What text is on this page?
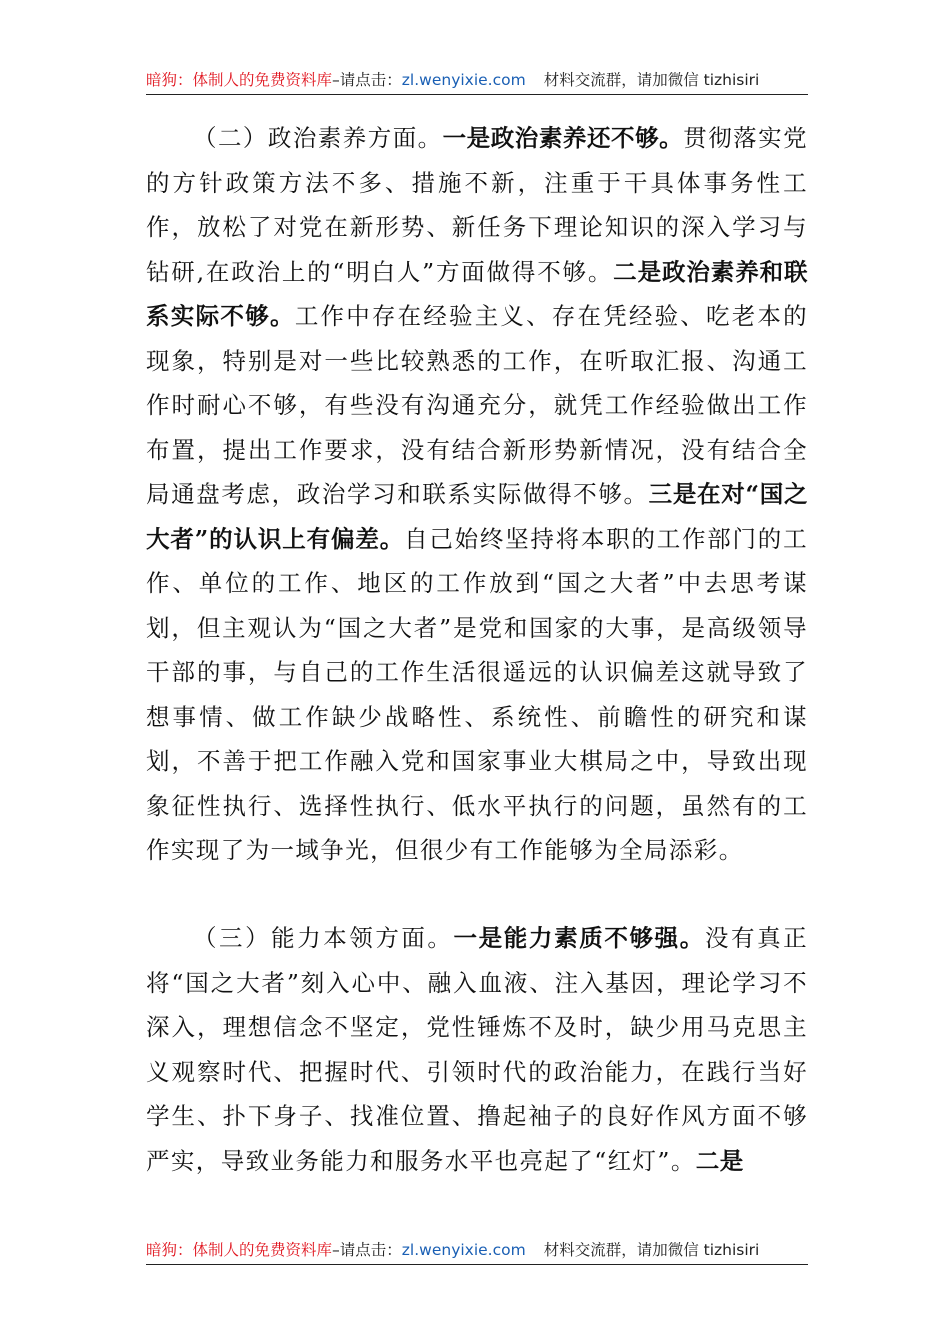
暗狗：体制人的免费资料库–请点击：zl.wenyixie.com 材料交流群，请加微信 tizhisiri

（二）政治素养方面。一是政治素养还不够。贯彻落实党的方针政策方法不多、措施不新，注重于干具体事务性工作，放松了对党在新形势、新任务下理论知识的深入学习与钻研,在政治上的“明白人”方面做得不够。二是政治素养和联系实际不够。工作中存在经验主义、存在凭经验、吃老本的现象，特别是对一些比较熟悉的工作，在听取汇报、沟通工作时耐心不够，有些没有沟通充分，就凭工作经验做出工作布置，提出工作要求，没有结合新形势新情况，没有结合全局通盘考虑，政治学习和联系实际做得不够。三是在对“国之大者”的认识上有偏差。自己始终坚持将本职的工作部门的工作、单位的工作、地区的工作放到“国之大者”中去思考谋划，但主观认为“国之大者”是党和国家的大事，是高级领导干部的事，与自己的工作生活很遥远的认识偏差这就导致了想事情、做工作缺少战略性、系统性、前瞻性的研究和谋划，不善于把工作融入党和国家事业大棋局之中，导致出现象征性执行、选择性执行、低水平执行的问题，虽然有的工作实现了为一域争光，但很少有工作能够为全局添彩。

（三）能力本领方面。一是能力素质不够强。没有真正将“国之大者”刻入心中、融入血液、注入基因，理论学习不深入，理想信念不坚定，党性锤炼不及时，缺少用马克思主义观察时代、把握时代、引领时代的政治能力，在践行当好学生、扑下身子、找准位置、撸起袖子的良好作风方面不够严实，导致业务能力和服务水平也亮起了“红灯”。二是

暗狗：体制人的免费资料库–请点击：zl.wenyixie.com 材料交流群，请加微信 tizhisiri
